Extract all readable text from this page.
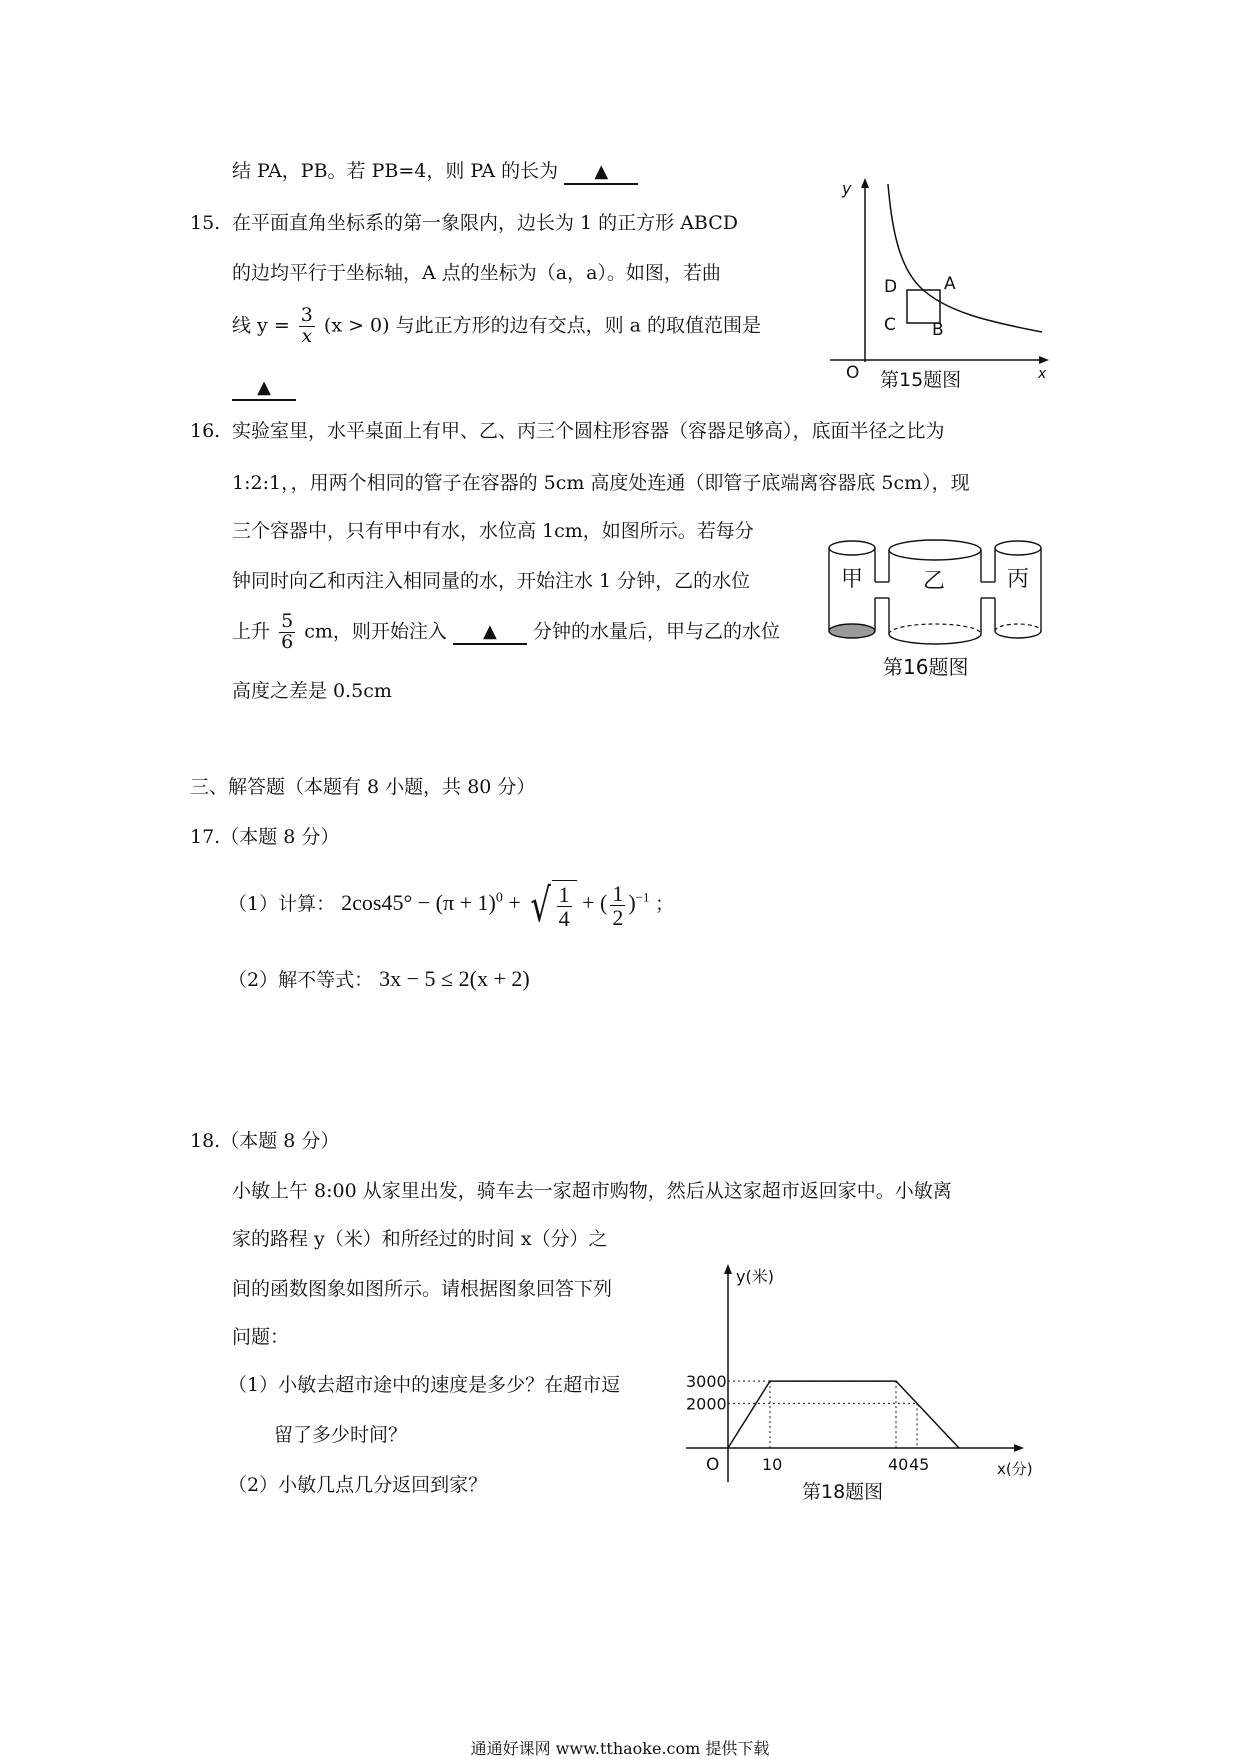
结 PA，PB。若 PB=4，则 PA 的长为 ▲
15. 在平面直角坐标系的第一象限内，边长为 1 的正方形 ABCD
的边均平行于坐标轴，A 点的坐标为（a，a）。如图，若曲
线 $y = \frac{3}{x} (x > 0)$ 与此正方形的边有交点，则 a 的取值范围是
▲
y
x
O
D	A
C B
第15题图
16. 实验室里，水平桌面上有甲、乙、丙三个圆柱形容器（容器足够高），底面半径之比为
1:2:1，，用两个相同的管子在容器的 5cm 高度处连通（即管子底端离容器底 5cm），现
三个容器中，只有甲中有水，水位高 1cm，如图所示。若每分
钟同时向乙和丙注入相同量的水，开始注水 1 分钟，乙的水位
上升 $\frac{5}{6}$ cm，则开始注入 ▲ 分钟的水量后，甲与乙的水位
高度之差是 0.5cm
甲	乙	丙
第16题图
三、解答题（本题有 8 小题，共 80 分）
17.（本题 8 分）
（1）计算： $2\cos 45^\circ - (\pi + 1)^0$ + √ $\frac{1}{4}$ + ( $\frac{1}{2} )^{-1}$ ；
（2）解不等式： 3x − 5 ≤ 2(x + 2)
18.（本题 8 分）
小敏上午 8:00 从家里出发，骑车去一家超市购物，然后从这家超市返回家中。小敏离
家的路程 y（米）和所经过的时间 x（分）之
间的函数图象如图所示。请根据图象回答下列
问题：
（1）小敏去超市途中的速度是多少？在超市逗
留了多少时间？
（2）小敏几点几分返回到家？
y(米)
x(分)
O
2000
3000
10	40 45
第18题图
通通好课网 www.tthaoke.com 提供下载
